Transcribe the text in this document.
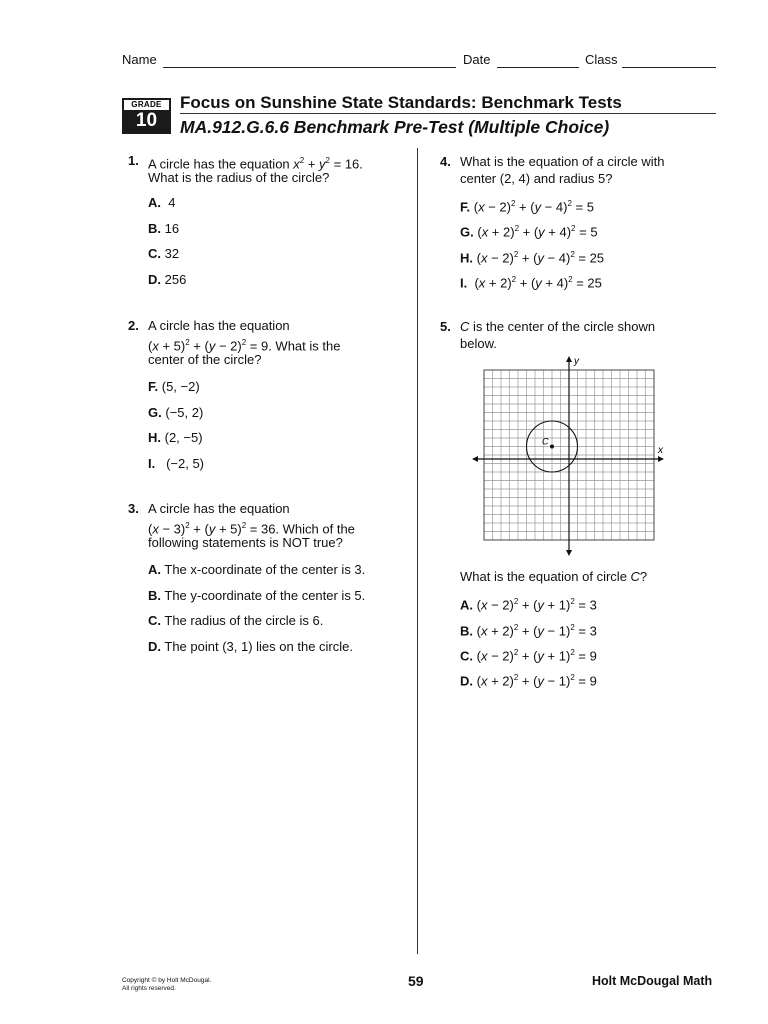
Name	Date	Class
GRADE
10
Focus on Sunshine State Standards: Benchmark Tests
MA.912.G.6.6 Benchmark Pre-Test (Multiple Choice)
1. A circle has the equation $x^2 + y^2 = 16$.
What is the radius of the circle?
A. 4
B. 16
C. 32
D. 256
2. A circle has the equation
$(x + 5)^2 + (y - 2)^2 = 9$. What is the
center of the circle?
F. (5, −2)
G. (−5, 2)
H. (2, −5)
I. (−2, 5)
3. A circle has the equation
$(x - 3)^2 + (y + 5)^2 = 36$. Which of the
following statements is NOT true?
A. The x-coordinate of the center is 3.
B. The y-coordinate of the center is 5.
C. The radius of the circle is 6.
D. The point (3, 1) lies on the circle.
4. What is the equation of a circle with
center (2, 4) and radius 5?
F. $(x - 2)^2 + (y - 4)^2 = 5$
G. $(x + 2)^2 + (y + 4)^2 = 5$
H. $(x - 2)^2 + (y - 4)^2 = 25$
I.  $(x + 2)^2 + (y + 4)^2 = 25$
5. C is the center of the circle shown
below.
C
y
x
What is the equation of circle C?
A. $(x - 2)^2 + (y + 1)^2 = 3$
B. $(x + 2)^2 + (y - 1)^2 = 3$
C. $(x - 2)^2 + (y + 1)^2 = 9$
D. $(x + 2)^2 + (y - 1)^2 = 9$
Copyright © by Holt McDougal.
All rights reserved.	59	Holt McDougal Math
